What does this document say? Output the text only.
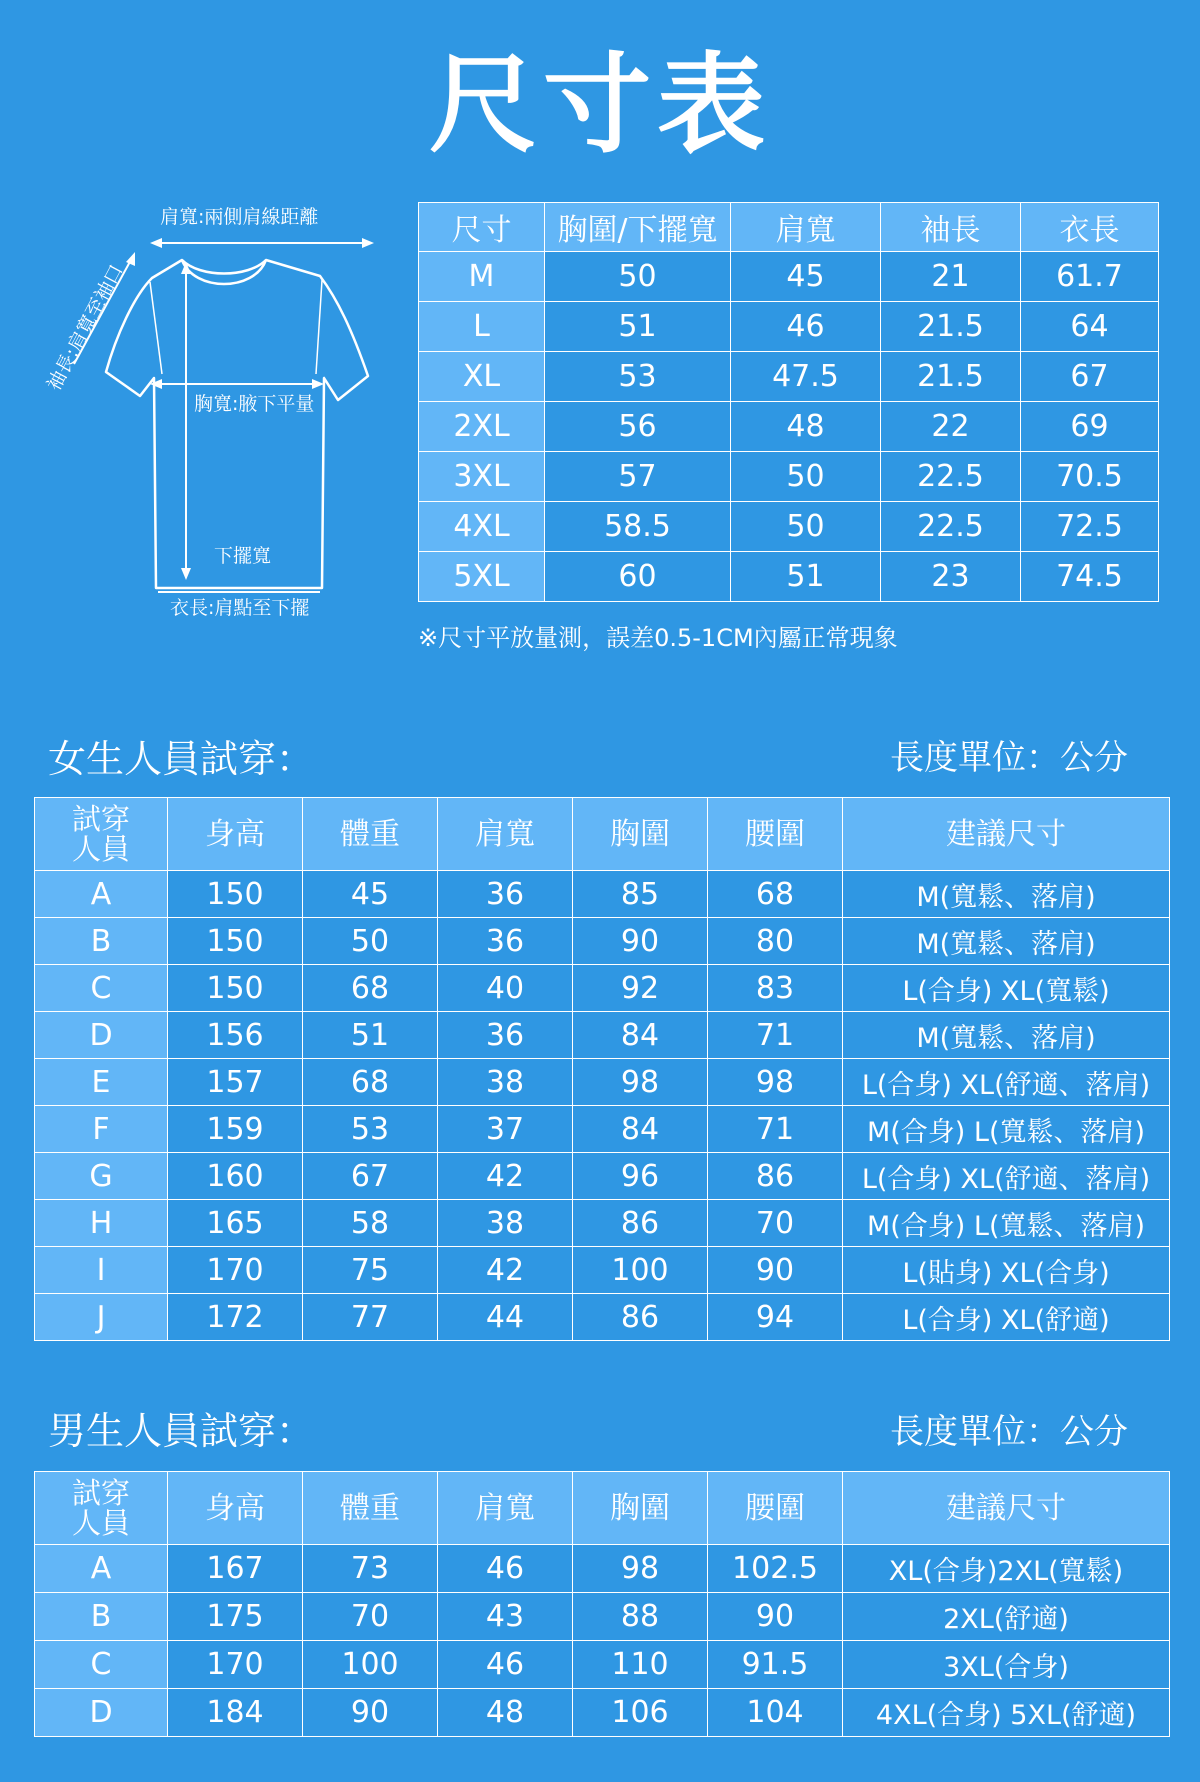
尺寸表
肩寬:兩側肩線距離
袖長:肩寬至袖口
胸寬:腋下平量
下擺寬
衣長:肩點至下擺
尺寸	胸圍/下擺寬	肩寬	袖長	衣長
M	50	45	21	61.7
L	51	46	21.5	64
XL	53	47.5	21.5	67
2XL	56	48	22	69
3XL	57	50	22.5	70.5
4XL	58.5	50	22.5	72.5
5XL	60	51	23	74.5
※尺寸平放量測，誤差0.5-1CM內屬正常現象
女生人員試穿：	長度單位：公分
試穿人員	身高	體重	肩寬	胸圍	腰圍	建議尺寸
A	150	45	36	85	68	M(寬鬆、落肩)
B	150	50	36	90	80	M(寬鬆、落肩)
C	150	68	40	92	83	L(合身) XL(寬鬆)
D	156	51	36	84	71	M(寬鬆、落肩)
E	157	68	38	98	98	L(合身) XL(舒適、落肩)
F	159	53	37	84	71	M(合身) L(寬鬆、落肩)
G	160	67	42	96	86	L(合身) XL(舒適、落肩)
H	165	58	38	86	70	M(合身) L(寬鬆、落肩)
I	170	75	42	100	90	L(貼身) XL(合身)
J	172	77	44	86	94	L(合身) XL(舒適)
男生人員試穿：	長度單位：公分
試穿人員	身高	體重	肩寬	胸圍	腰圍	建議尺寸
A	167	73	46	98	102.5	XL(合身)2XL(寬鬆)
B	175	70	43	88	90	2XL(舒適)
C	170	100	46	110	91.5	3XL(合身)
D	184	90	48	106	104	4XL(合身) 5XL(舒適)
